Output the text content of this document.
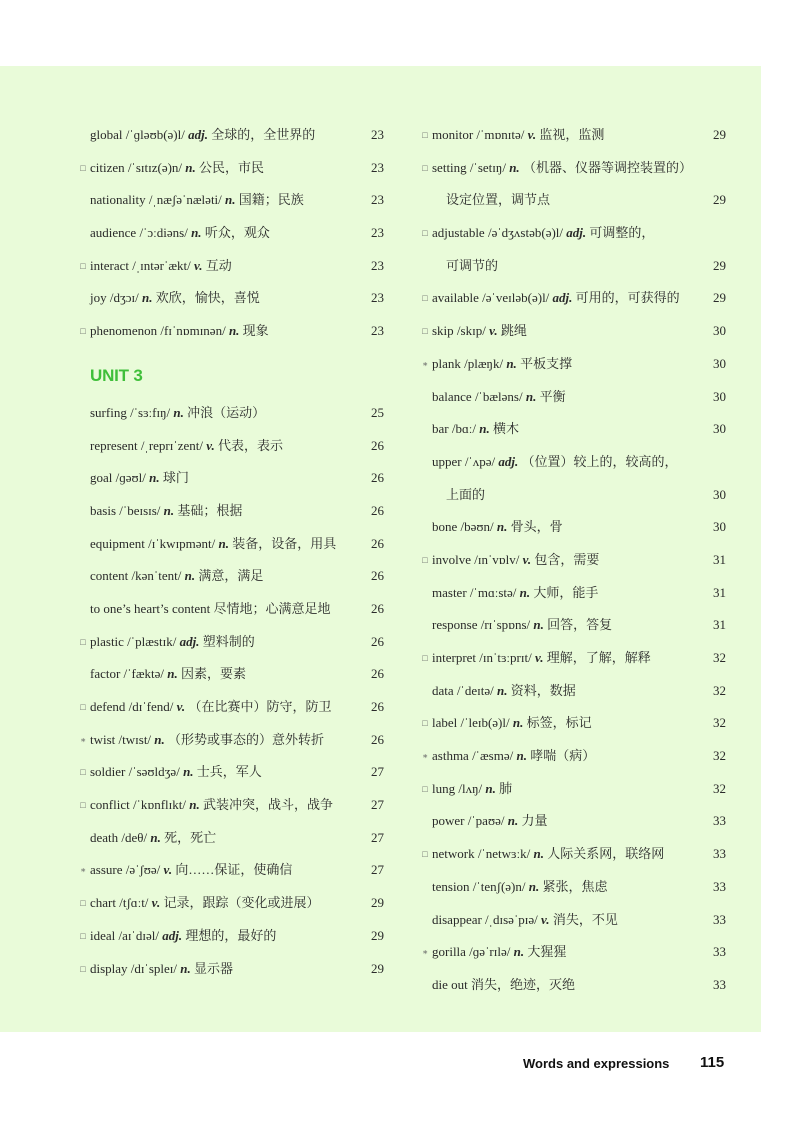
global /ˈɡləʊb(ə)l/ adj. 全球的，全世界的	23
□ citizen /ˈsɪtɪz(ə)n/ n. 公民，市民	23
nationality /ˌnæʃəˈnæləti/ n. 国籍；民族	23
audience /ˈɔːdiəns/ n. 听众，观众	23
□ interact /ˌɪntərˈækt/ v. 互动	23
joy /dʒɔɪ/ n. 欢欣，愉快，喜悦	23
□ phenomenon /fɪˈnɒmɪnən/ n. 现象	23
UNIT 3
surfing /ˈsɜːfɪŋ/ n. 冲浪（运动）	25
represent /ˌreprɪˈzent/ v. 代表，表示	26
goal /ɡəʊl/ n. 球门	26
basis /ˈbeɪsɪs/ n. 基础；根据	26
equipment /ɪˈkwɪpmənt/ n. 装备，设备，用具	26
content /kənˈtent/ n. 满意，满足	26
to one’s heart’s content 尽情地；心满意足地	26
□ plastic /ˈplæstɪk/ adj. 塑料制的	26
factor /ˈfæktə/ n. 因素，要素	26
□ defend /dɪˈfend/ v. （在比赛中）防守，防卫	26
∗ twist /twɪst/ n. （形势或事态的）意外转折	26
□ soldier /ˈsəʊldʒə/ n. 士兵，军人	27
□ conflict /ˈkɒnflɪkt/ n. 武装冲突，战斗，战争	27
death /deθ/ n. 死，死亡	27
∗ assure /əˈʃʊə/ v. 向……保证，使确信	27
□ chart /tʃɑːt/ v. 记录，跟踪（变化或进展）	29
□ ideal /aɪˈdɪəl/ adj. 理想的，最好的	29
□ display /dɪˈspleɪ/ n. 显示器	29
□ monitor /ˈmɒnɪtə/ v. 监视，监测	29
□ setting /ˈsetɪŋ/ n. （机器、仪器等调控装置的）
设定位置，调节点	29
□ adjustable /əˈdʒʌstəb(ə)l/ adj. 可调整的，
可调节的	29
□ available /əˈveɪləb(ə)l/ adj. 可用的，可获得的	29
□ skip /skɪp/ v. 跳绳	30
∗ plank /plæŋk/ n. 平板支撑	30
balance /ˈbæləns/ n. 平衡	30
bar /bɑː/ n. 横木	30
upper /ˈʌpə/ adj. （位置）较上的，较高的，
上面的	30
bone /bəʊn/ n. 骨头，骨	30
□ involve /ɪnˈvɒlv/ v. 包含，需要	31
master /ˈmɑːstə/ n. 大师，能手	31
response /rɪˈspɒns/ n. 回答，答复	31
□ interpret /ɪnˈtɜːprɪt/ v. 理解，了解，解释	32
data /ˈdeɪtə/ n. 资料，数据	32
□ label /ˈleɪb(ə)l/ n. 标签，标记	32
∗ asthma /ˈæsmə/ n. 哮喘（病）	32
□ lung /lʌŋ/ n. 肺	32
power /ˈpaʊə/ n. 力量	33
□ network /ˈnetwɜːk/ n. 人际关系网，联络网	33
tension /ˈtenʃ(ə)n/ n. 紧张，焦虑	33
disappear /ˌdɪsəˈpɪə/ v. 消失，不见	33
∗ gorilla /ɡəˈrɪlə/ n. 大猩猩	33
die out 消失，绝迹，灭绝	33
Words and expressions 115
